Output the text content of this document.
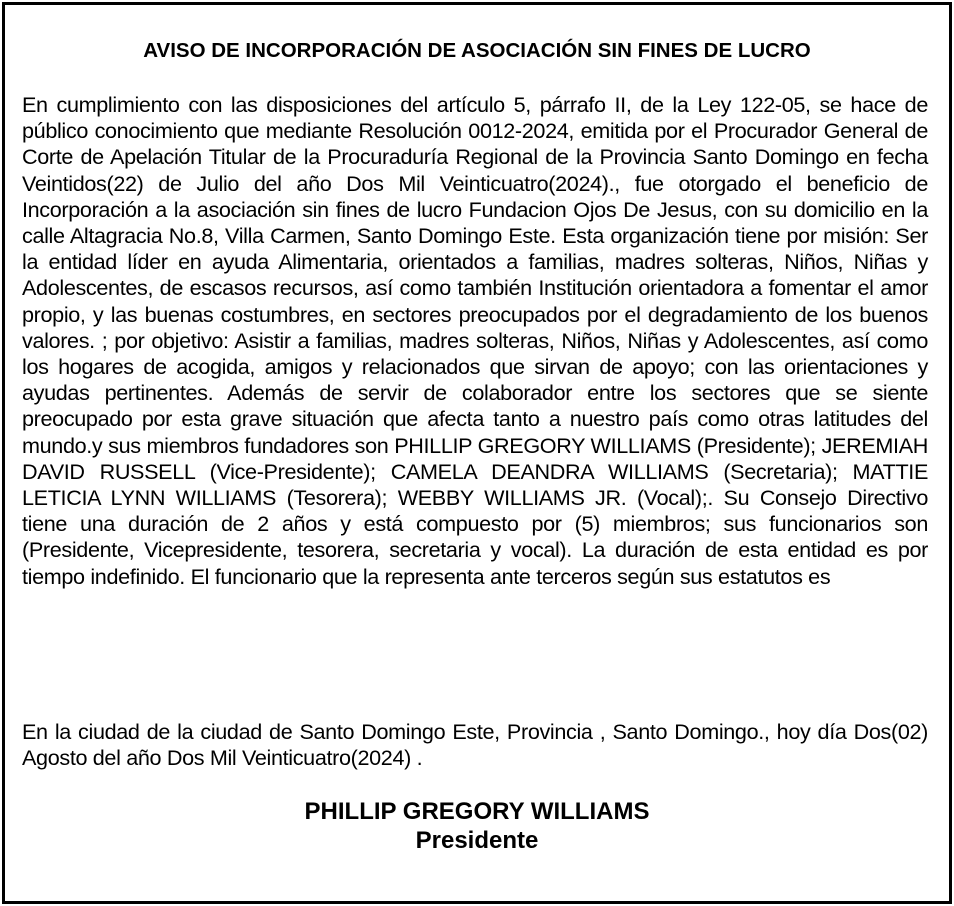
AVISO DE INCORPORACIÓN DE ASOCIACIÓN SIN FINES DE LUCRO

En cumplimiento con las disposiciones del artículo 5, párrafo II, de la Ley 122-05, se hace de público conocimiento que mediante Resolución 0012-2024, emitida por el Procurador General de Corte de Apelación Titular de la Procuraduría Regional de la Provincia Santo Domingo en fecha Veintidos(22) de Julio del año Dos Mil Veinticuatro(2024)., fue otorgado el beneficio de Incorporación a la asociación sin fines de lucro Fundacion Ojos De Jesus, con su domicilio en la calle Altagracia No.8, Villa Carmen, Santo Domingo Este. Esta organización tiene por misión: Ser la entidad líder en ayuda Alimentaria, orientados a familias, madres solteras, Niños, Niñas y Adolescentes, de escasos recursos, así como también Institución orientadora a fomentar el amor propio, y las buenas costumbres, en sectores preocupados por el degradamiento de los buenos valores. ; por objetivo: Asistir a familias, madres solteras, Niños, Niñas y Adolescentes, así como los hogares de acogida, amigos y relacionados que sirvan de apoyo; con las orientaciones y ayudas pertinentes. Además de servir de colaborador entre los sectores que se siente preocupado por esta grave situación que afecta tanto a nuestro país como otras latitudes del mundo.y sus miembros fundadores son PHILLIP GREGORY WILLIAMS (Presidente); JEREMIAH DAVID RUSSELL (Vice-Presidente); CAMELA DEANDRA WILLIAMS (Secretaria); MATTIE LETICIA LYNN WILLIAMS (Tesorera); WEBBY WILLIAMS JR. (Vocal);. Su Consejo Directivo tiene una duración de 2 años y está compuesto por (5) miembros; sus funcionarios son (Presidente, Vicepresidente, tesorera, secretaria y vocal). La duración de esta entidad es por tiempo indefinido. El funcionario que la representa ante terceros según sus estatutos es

En la ciudad de la ciudad de Santo Domingo Este, Provincia , Santo Domingo., hoy día Dos(02) Agosto del año Dos Mil Veinticuatro(2024) .

PHILLIP GREGORY WILLIAMS
Presidente
